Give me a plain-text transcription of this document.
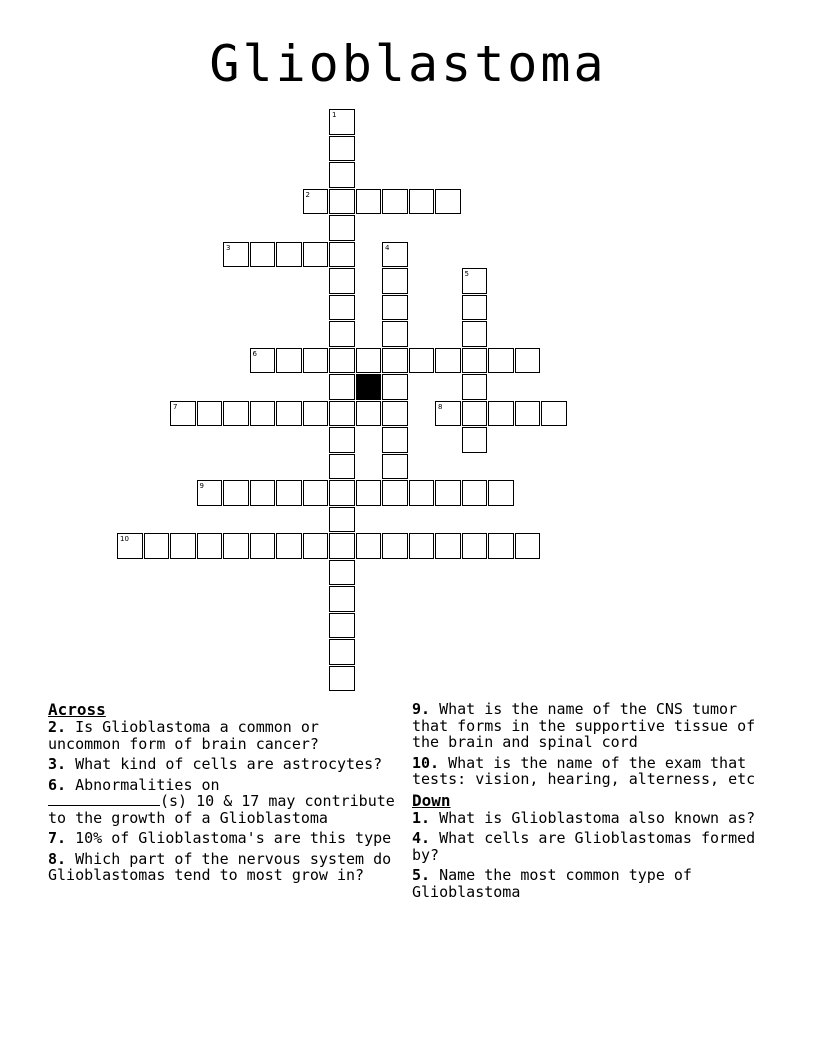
Glioblastoma
1
2
3	4
5
6
7	8
9
10
Across
2. Is Glioblastoma a common or uncommon form of brain cancer?
3. What kind of cells are astrocytes?
6. Abnormalities on
(s) 10 & 17 may contribute to the growth of a Glioblastoma
7. 10% of Glioblastoma's are this type
8. Which part of the nervous system do Glioblastomas tend to most grow in?
9. What is the name of the CNS tumor that forms in the supportive tissue of the brain and spinal cord
10. What is the name of the exam that tests: vision, hearing, alterness, etc
Down
1. What is Glioblastoma also known as?
4. What cells are Glioblastomas formed by?
5. Name the most common type of Glioblastoma
